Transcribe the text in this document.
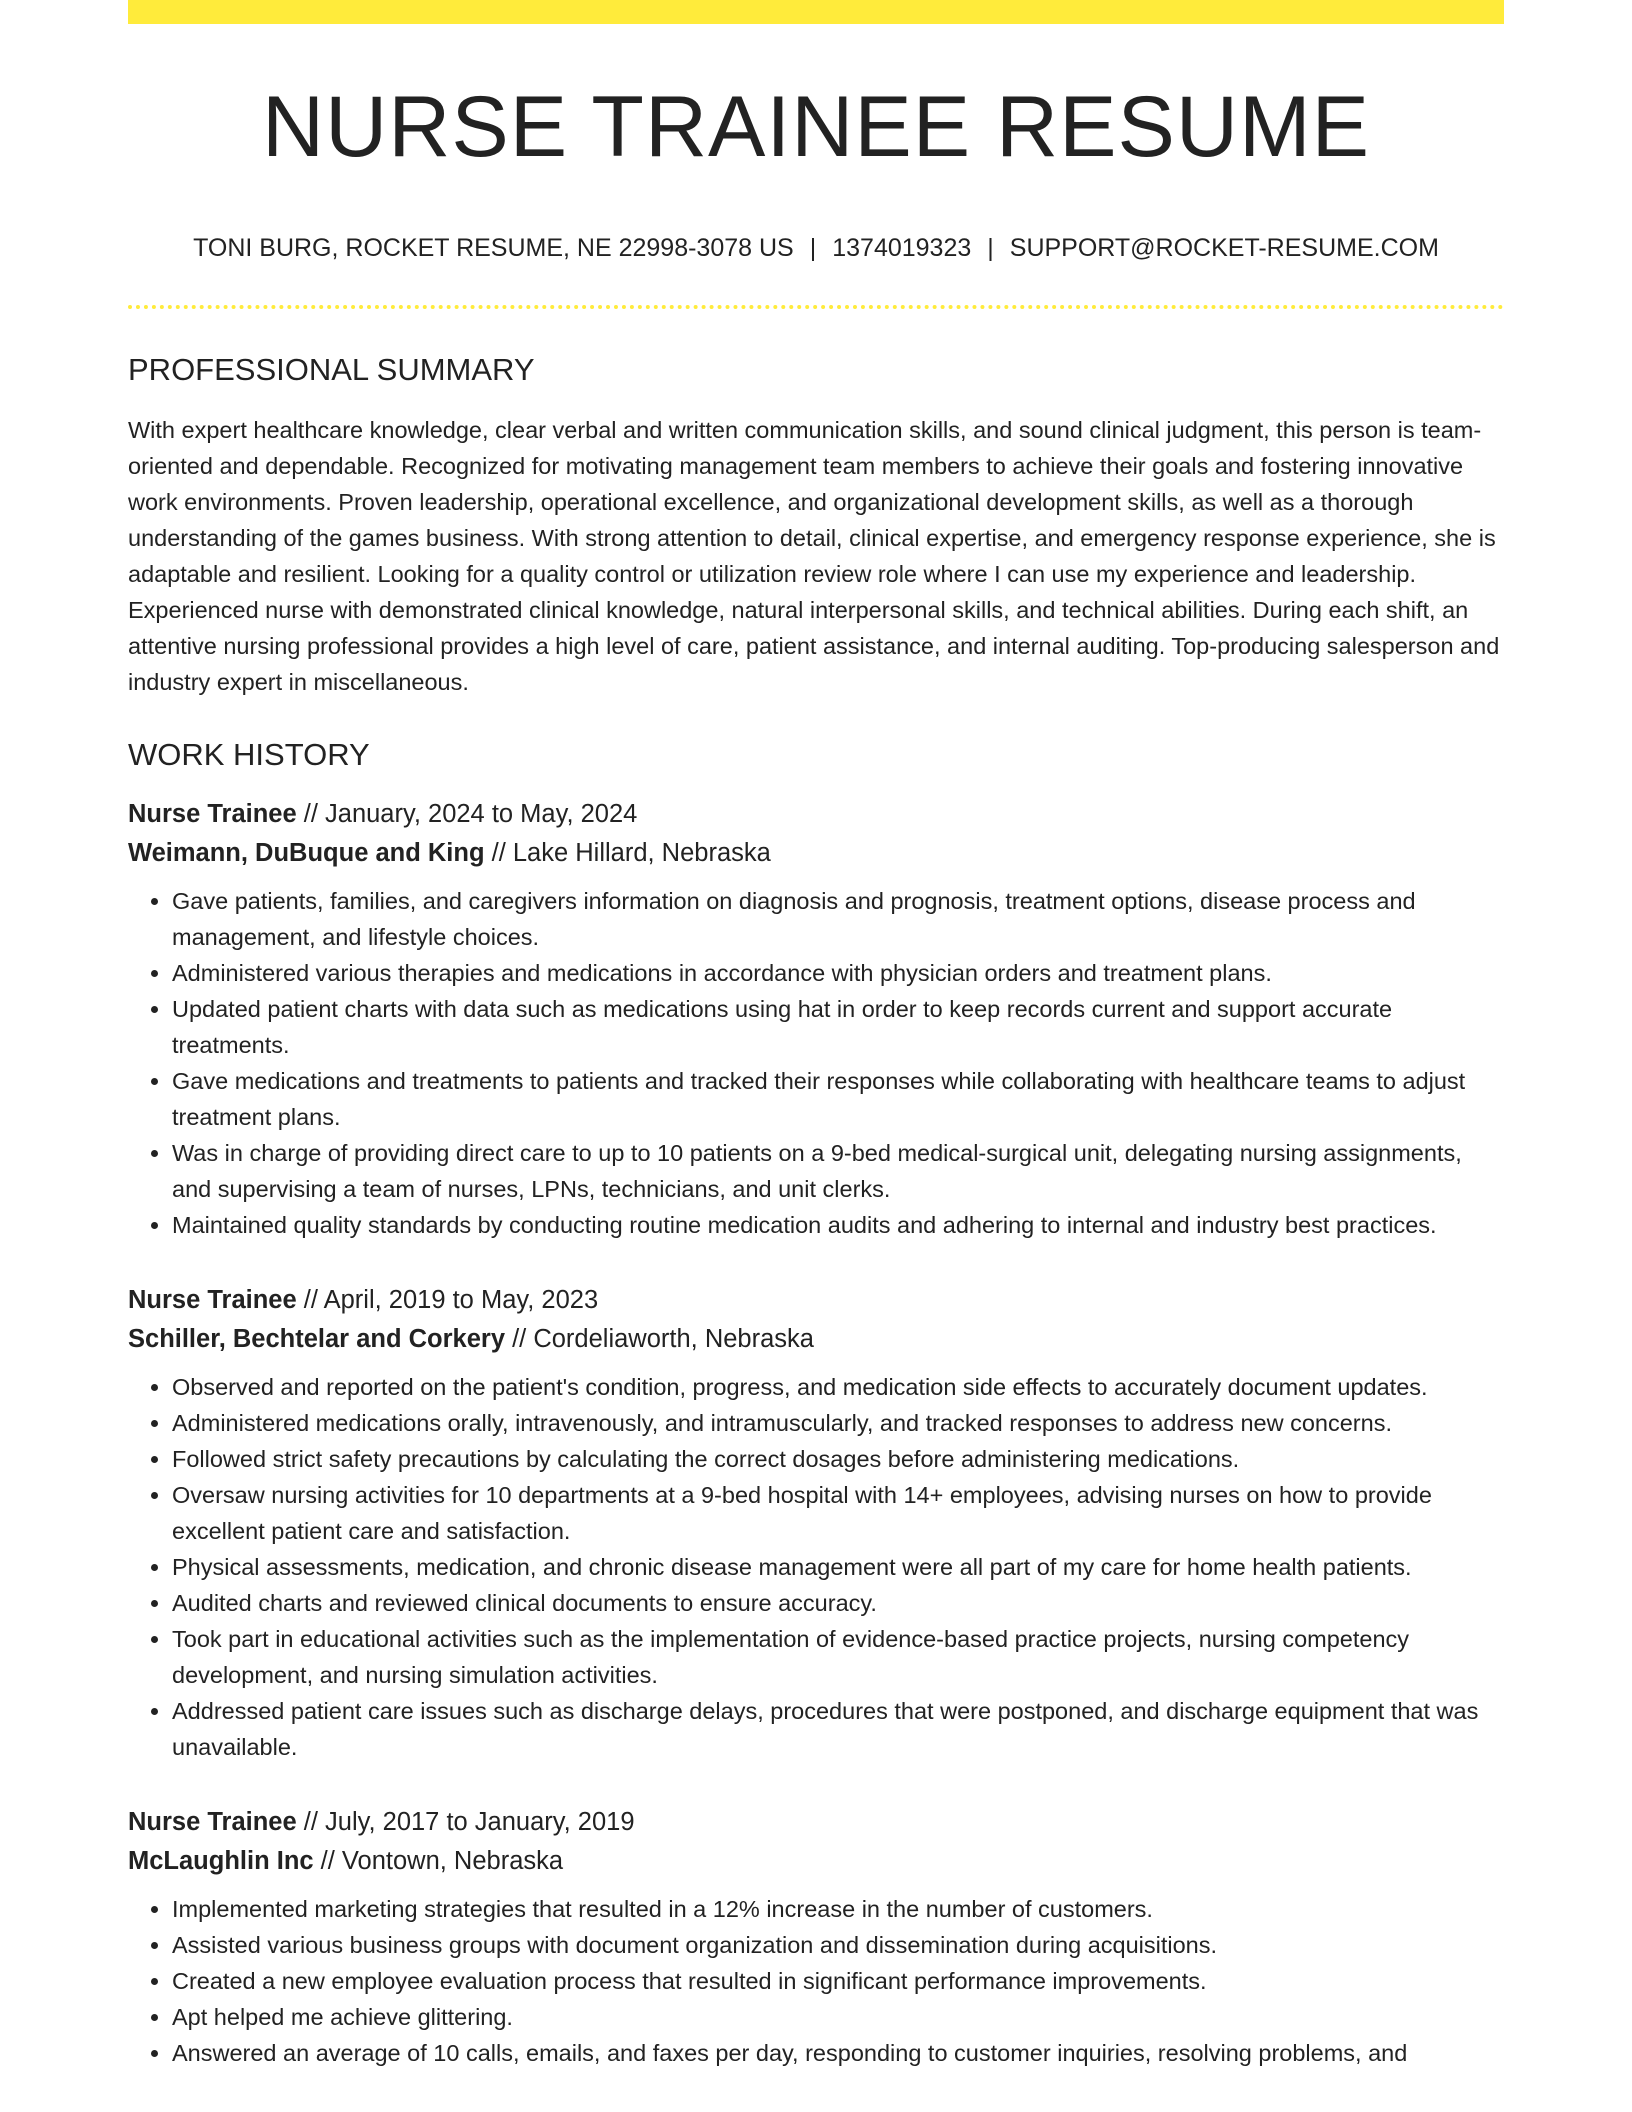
NURSE TRAINEE RESUME
TONI BURG, ROCKET RESUME, NE 22998-3078 US | 1374019323 | SUPPORT@ROCKET-RESUME.COM
PROFESSIONAL SUMMARY

With expert healthcare knowledge, clear verbal and written communication skills, and sound clinical judgment, this person is team-oriented and dependable. Recognized for motivating management team members to achieve their goals and fostering innovative work environments. Proven leadership, operational excellence, and organizational development skills, as well as a thorough understanding of the games business. With strong attention to detail, clinical expertise, and emergency response experience, she is adaptable and resilient. Looking for a quality control or utilization review role where I can use my experience and leadership. Experienced nurse with demonstrated clinical knowledge, natural interpersonal skills, and technical abilities. During each shift, an attentive nursing professional provides a high level of care, patient assistance, and internal auditing. Top-producing salesperson and industry expert in miscellaneous.

WORK HISTORY
Nurse Trainee // January, 2024 to May, 2024
Weimann, DuBuque and King // Lake Hillard, Nebraska
• Gave patients, families, and caregivers information on diagnosis and prognosis, treatment options, disease process and management, and lifestyle choices.
• Administered various therapies and medications in accordance with physician orders and treatment plans.
• Updated patient charts with data such as medications using hat in order to keep records current and support accurate treatments.
• Gave medications and treatments to patients and tracked their responses while collaborating with healthcare teams to adjust treatment plans.
• Was in charge of providing direct care to up to 10 patients on a 9-bed medical-surgical unit, delegating nursing assignments, and supervising a team of nurses, LPNs, technicians, and unit clerks.
• Maintained quality standards by conducting routine medication audits and adhering to internal and industry best practices.
Nurse Trainee // April, 2019 to May, 2023
Schiller, Bechtelar and Corkery // Cordeliaworth, Nebraska
• Observed and reported on the patient's condition, progress, and medication side effects to accurately document updates.
• Administered medications orally, intravenously, and intramuscularly, and tracked responses to address new concerns.
• Followed strict safety precautions by calculating the correct dosages before administering medications.
• Oversaw nursing activities for 10 departments at a 9-bed hospital with 14+ employees, advising nurses on how to provide excellent patient care and satisfaction.
• Physical assessments, medication, and chronic disease management were all part of my care for home health patients.
• Audited charts and reviewed clinical documents to ensure accuracy.
• Took part in educational activities such as the implementation of evidence-based practice projects, nursing competency development, and nursing simulation activities.
• Addressed patient care issues such as discharge delays, procedures that were postponed, and discharge equipment that was unavailable.
Nurse Trainee // July, 2017 to January, 2019
McLaughlin Inc // Vontown, Nebraska
• Implemented marketing strategies that resulted in a 12% increase in the number of customers.
• Assisted various business groups with document organization and dissemination during acquisitions.
• Created a new employee evaluation process that resulted in significant performance improvements.
• Apt helped me achieve glittering.
• Answered an average of 10 calls, emails, and faxes per day, responding to customer inquiries, resolving problems, and
